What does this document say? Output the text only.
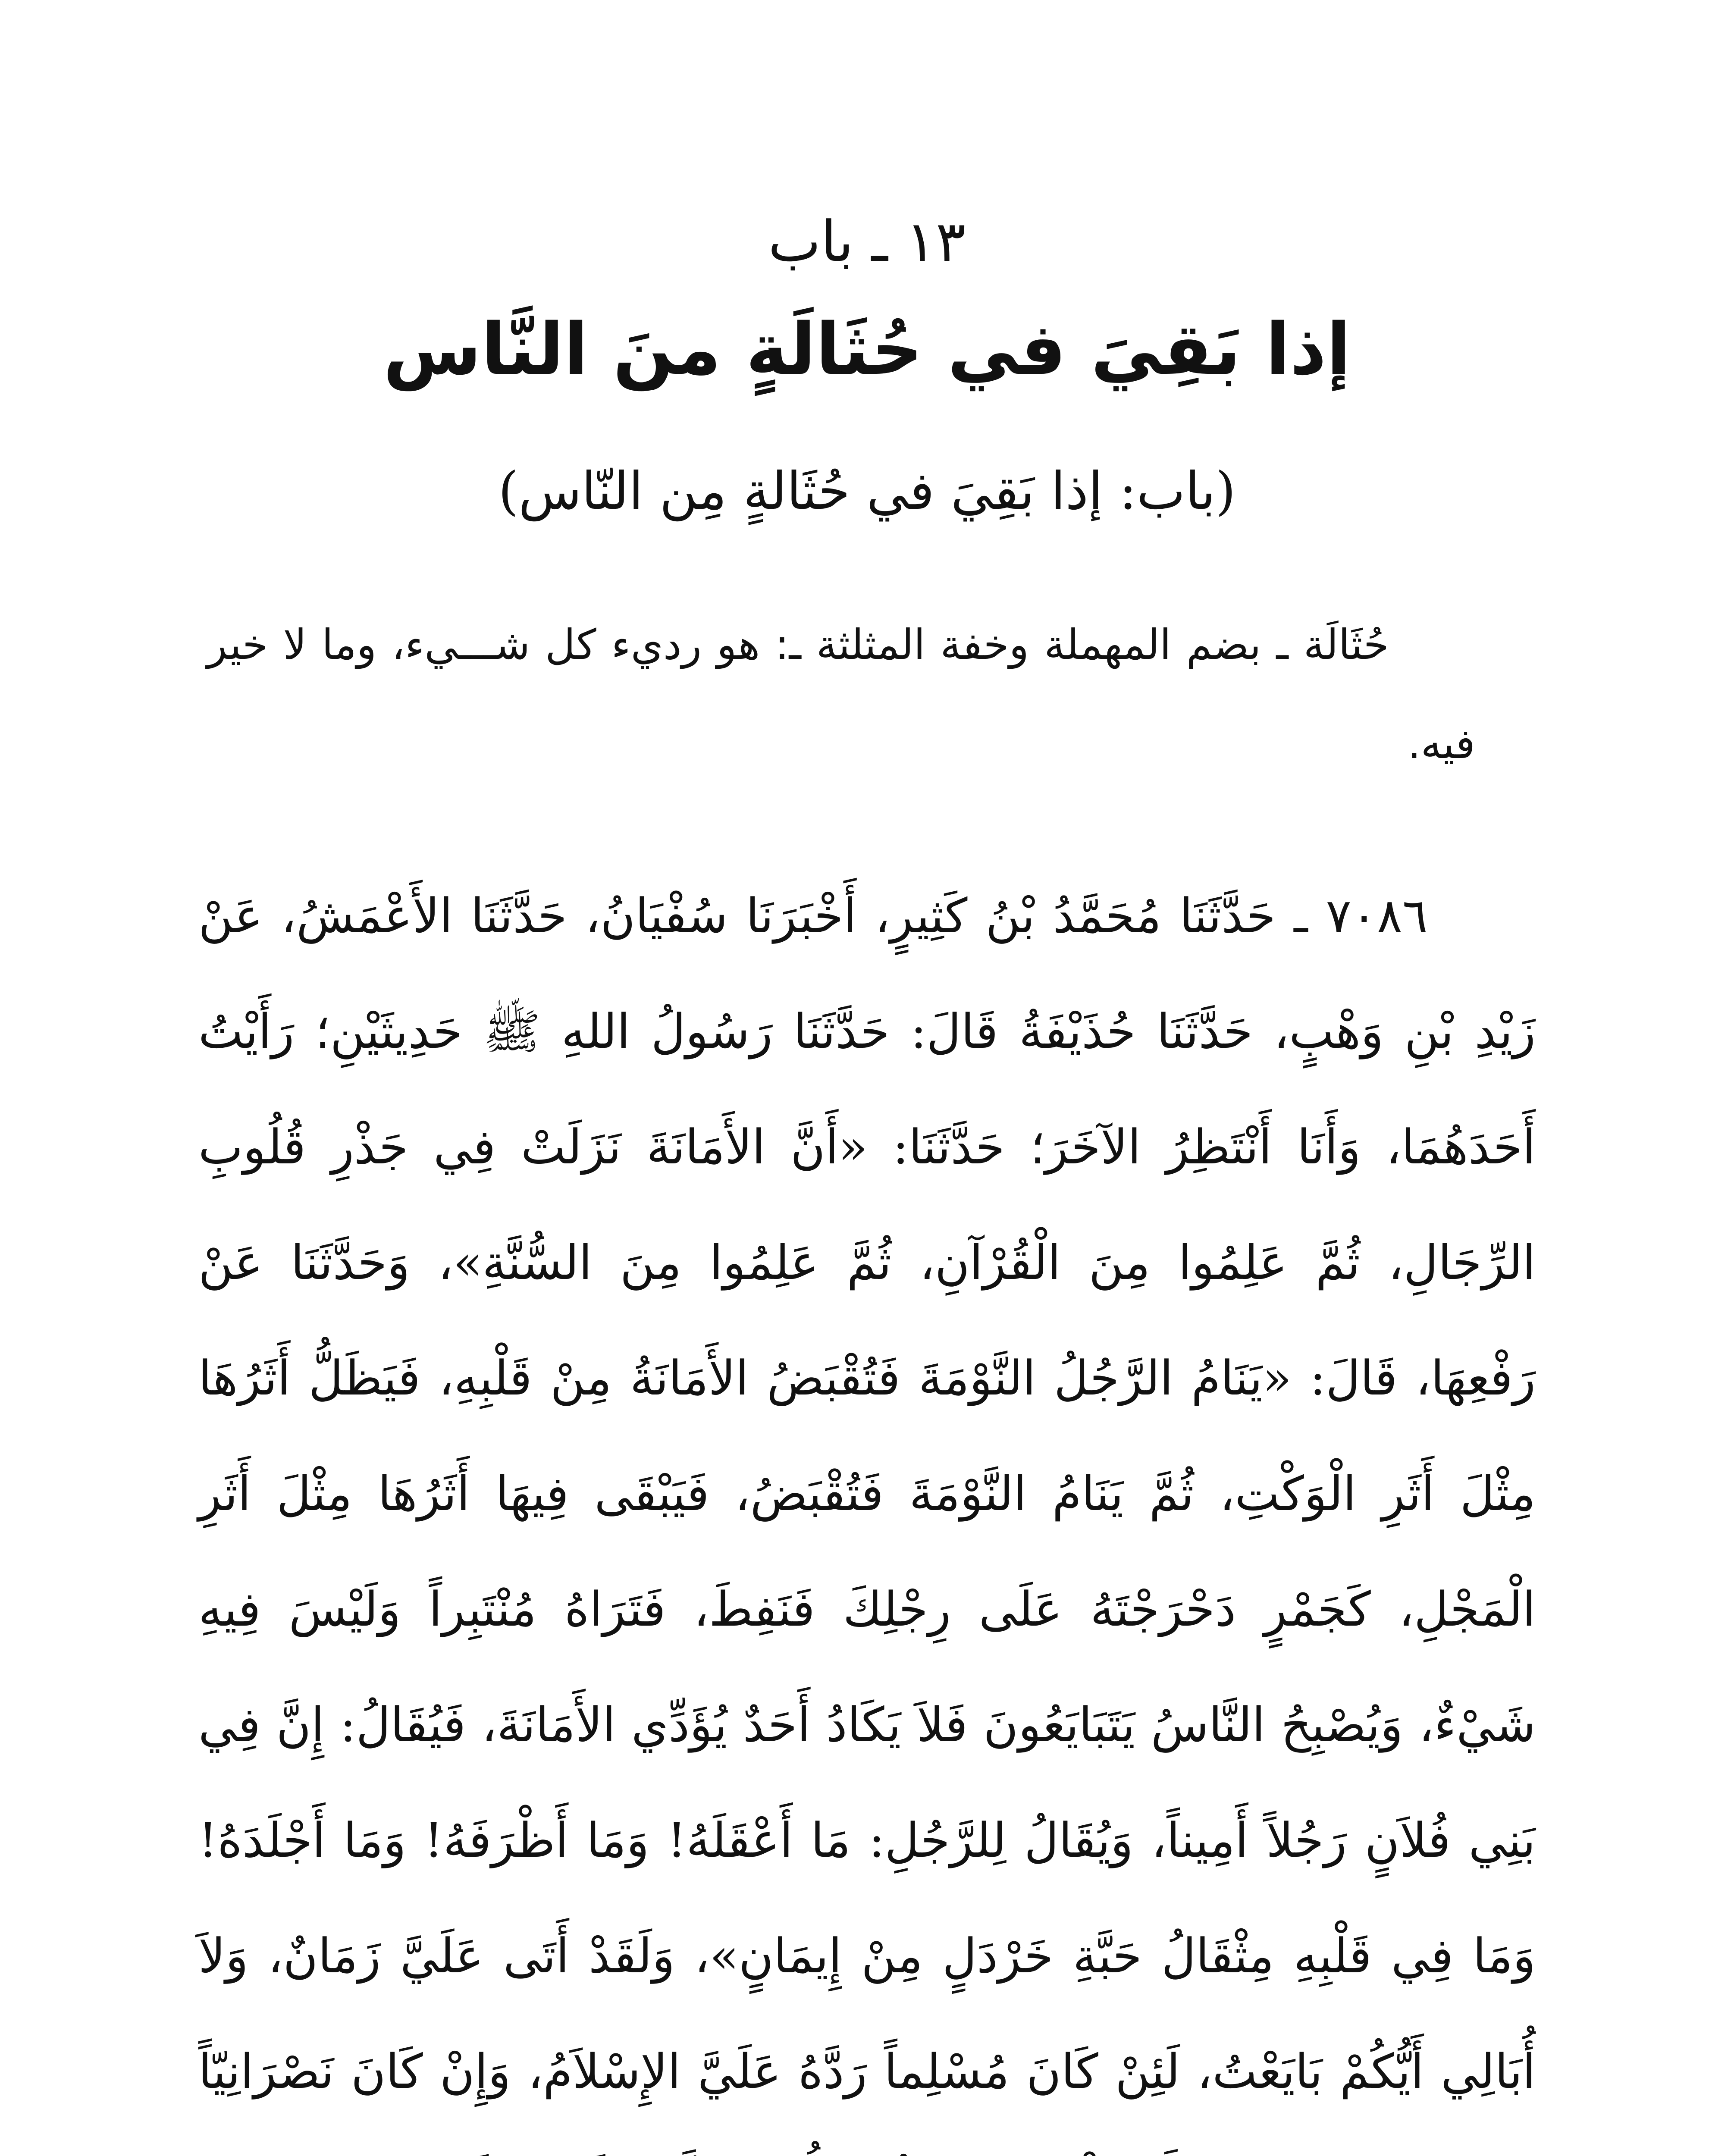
١٣ ـ باب
إذا بَقِيَ في حُثَالَةٍ منَ النَّاس
(باب: إذا بَقِيَ في حُثَالةٍ مِن النّاس)
حُثَالَة ـ بضم المهملة وخفة المثلثة ـ: هو رديء كل شـــيء، وما لا خير فيه.
٧٠٨٦ ـ حَدَّثَنَا مُحَمَّدُ بْنُ كَثِيرٍ، أَخْبَرَنَا سُفْيَانُ، حَدَّثَنَا الأَعْمَشُ، عَنْ زَيْدِ بْنِ وَهْبٍ، حَدَّثَنَا حُذَيْفَةُ قَالَ: حَدَّثَنَا رَسُولُ اللهِ ﷺ حَدِيثَيْنِ؛ رَأَيْتُ أَحَدَهُمَا، وَأَنَا أَنْتَظِرُ الآخَرَ؛ حَدَّثَنَا: «أَنَّ الأَمَانَةَ نَزَلَتْ فِي جَذْرِ قُلُوبِ الرِّجَالِ، ثُمَّ عَلِمُوا مِنَ الْقُرْآنِ، ثُمَّ عَلِمُوا مِنَ السُّنَّةِ»، وَحَدَّثَنَا عَنْ رَفْعِهَا، قَالَ: «يَنَامُ الرَّجُلُ النَّوْمَةَ فَتُقْبَضُ الأَمَانَةُ مِنْ قَلْبِهِ، فَيَظَلُّ أَثَرُهَا مِثْلَ أَثَرِ الْوَكْتِ، ثُمَّ يَنَامُ النَّوْمَةَ فَتُقْبَضُ، فَيَبْقَى فِيهَا أَثَرُهَا مِثْلَ أَثَرِ الْمَجْلِ، كَجَمْرٍ دَحْرَجْتَهُ عَلَى رِجْلِكَ فَنَفِطَ، فَتَرَاهُ مُنْتَبِراً وَلَيْسَ فِيهِ شَيْءٌ، وَيُصْبِحُ النَّاسُ يَتَبَايَعُونَ فَلاَ يَكَادُ أَحَدٌ يُؤَدِّي الأَمَانَةَ، فَيُقَالُ: إِنَّ فِي بَنِي فُلاَنٍ رَجُلاً أَمِيناً، وَيُقَالُ لِلرَّجُلِ: مَا أَعْقَلَهُ! وَمَا أَظْرَفَهُ! وَمَا أَجْلَدَهُ! وَمَا فِي قَلْبِهِ مِثْقَالُ حَبَّةِ خَرْدَلٍ مِنْ إِيمَانٍ»، وَلَقَدْ أَتَى عَلَيَّ زَمَانٌ، وَلاَ أُبَالِي أَيُّكُمْ بَايَعْتُ، لَئِنْ كَانَ مُسْلِماً رَدَّهُ عَلَيَّ الإِسْلاَمُ، وَإِنْ كَانَ نَصْرَانِيّاً
